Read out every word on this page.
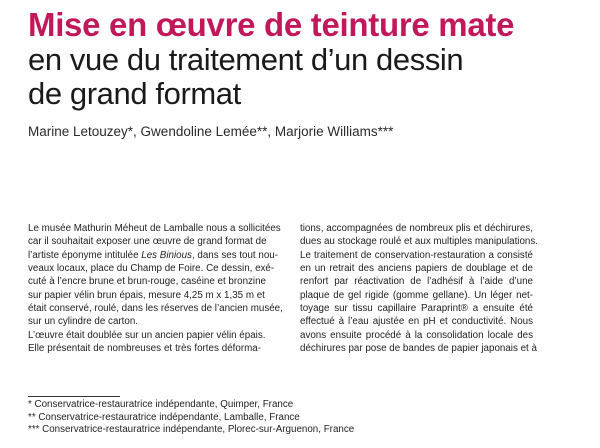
Mise en œuvre de teinture mate
en vue du traitement d’un dessin
de grand format
Marine Letouzey*, Gwendoline Lemée**, Marjorie Williams***

Le musée Mathurin Méheut de Lamballe nous a sollicitées
car il souhaitait exposer une œuvre de grand format de
l’artiste éponyme intitulée Les Binious, dans ses tout nou-
veaux locaux, place du Champ de Foire. Ce dessin, exé-
cuté à l’encre brune et brun-rouge, caséine et bronzine
sur papier vélin brun épais, mesure 4,25 m x 1,35 m et
était conservé, roulé, dans les réserves de l’ancien musée,
sur un cylindre de carton.

L’œuvre était doublée sur un ancien papier vélin épais.
Elle présentait de nombreuses et très fortes déforma-

tions, accompagnées de nombreux plis et déchirures,
dues au stockage roulé et aux multiples manipulations.

Le traitement de conservation-restauration a consisté
en un retrait des anciens papiers de doublage et de
renfort par réactivation de l’adhésif à l’aide d’une
plaque de gel rigide (gomme gellane). Un léger net-
toyage sur tissu capillaire Paraprint® a ensuite été
effectué à l’eau ajustée en pH et conductivité. Nous
avons ensuite procédé à la consolidation locale des
déchirures par pose de bandes de papier japonais et à

* Conservatrice-restauratrice indépendante, Quimper, France
** Conservatrice-restauratrice indépendante, Lamballe, France
*** Conservatrice-restauratrice indépendante, Plorec-sur-Arguenon, France
